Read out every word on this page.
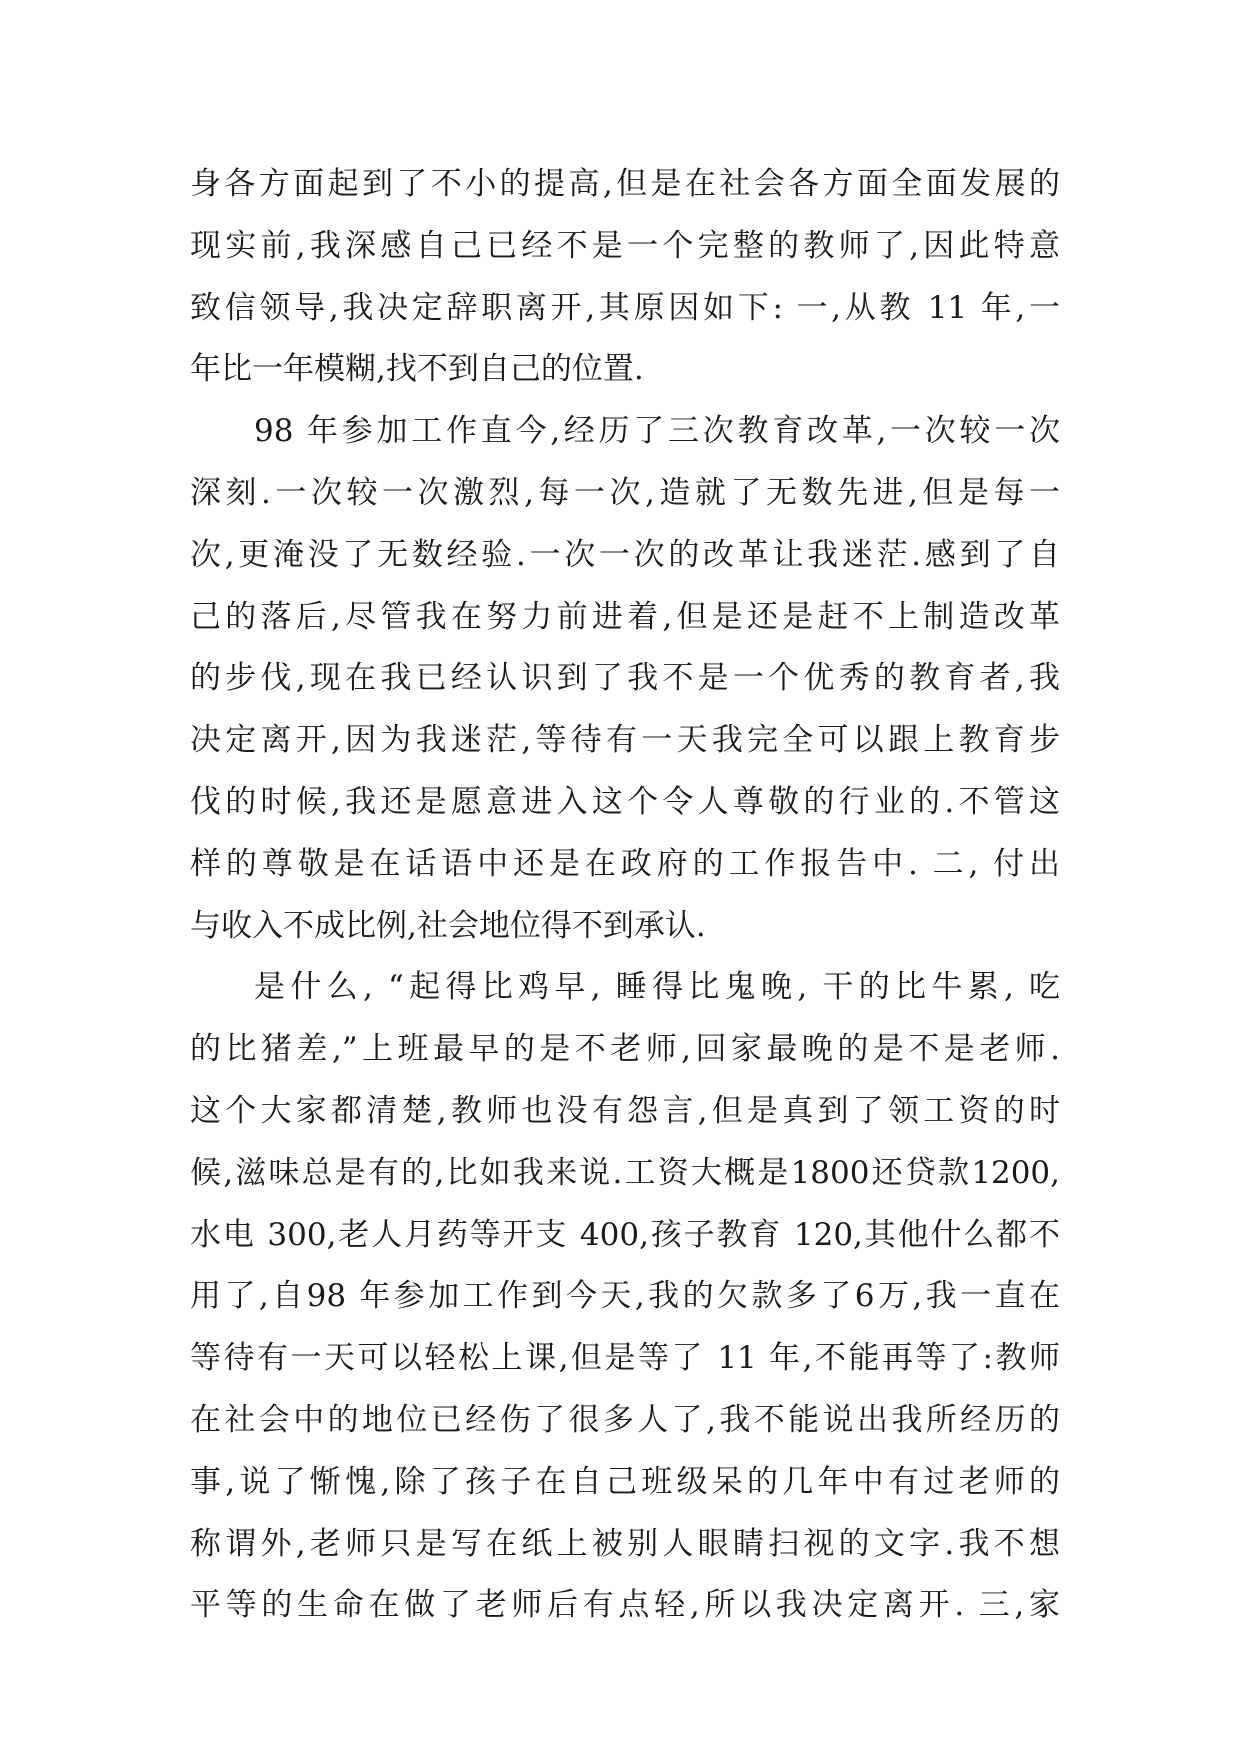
身各方面起到了不小的提高,但是在社会各方面全面发展的
现实前,我深感自己已经不是一个完整的教师了,因此特意
致信领导,我决定辞职离开,其原因如下: 一,从教 11 年,一
年比一年模糊,找不到自己的位置.
98 年参加工作直今,经历了三次教育改革,一次较一次
深刻.一次较一次激烈,每一次,造就了无数先进,但是每一
次,更淹没了无数经验.一次一次的改革让我迷茫.感到了自
己的落后,尽管我在努力前进着,但是还是赶不上制造改革
的步伐,现在我已经认识到了我不是一个优秀的教育者,我
决定离开,因为我迷茫,等待有一天我完全可以跟上教育步
伐的时候,我还是愿意进入这个令人尊敬的行业的.不管这
样的尊敬是在话语中还是在政府的工作报告中. 二, 付出
与收入不成比例,社会地位得不到承认.
是什么, “起得比鸡早, 睡得比鬼晚, 干的比牛累, 吃
的比猪差,”上班最早的是不老师,回家最晚的是不是老师.
这个大家都清楚,教师也没有怨言,但是真到了领工资的时
候,滋味总是有的,比如我来说.工资大概是1800还贷款1200,
水电 300,老人月药等开支 400,孩子教育 120,其他什么都不
用了,自98 年参加工作到今天,我的欠款多了6万,我一直在
等待有一天可以轻松上课,但是等了 11 年,不能再等了:教师
在社会中的地位已经伤了很多人了,我不能说出我所经历的
事,说了惭愧,除了孩子在自己班级呆的几年中有过老师的
称谓外,老师只是写在纸上被别人眼睛扫视的文字.我不想
平等的生命在做了老师后有点轻,所以我决定离开. 三,家
